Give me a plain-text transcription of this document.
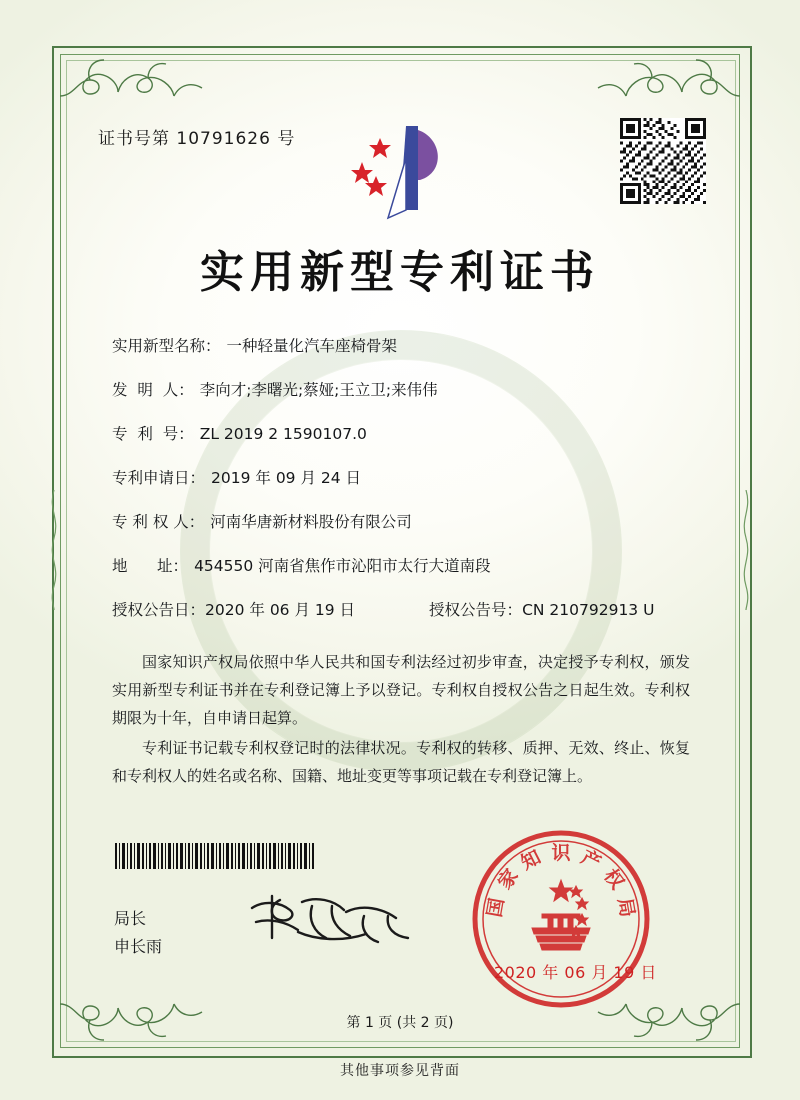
证书号第 10791626 号
实用新型专利证书
实用新型名称： 一种轻量化汽车座椅骨架
发  明  人： 李向才;李曙光;蔡娅;王立卫;来伟伟
专  利  号： ZL 2019 2 1590107.0
专利申请日： 2019 年 09 月 24 日
专 利 权 人： 河南华唐新材料股份有限公司
地      址： 454550 河南省焦作市沁阳市太行大道南段
授权公告日： 2020 年 06 月 19 日	授权公告号： CN 210792913 U

国家知识产权局依照中华人民共和国专利法经过初步审查，决定授予专利权，颁发实用新型专利证书并在专利登记簿上予以登记。专利权自授权公告之日起生效。专利权期限为十年，自申请日起算。

专利证书记载专利权登记时的法律状况。专利权的转移、质押、无效、终止、恢复和专利权人的姓名或名称、国籍、地址变更等事项记载在专利登记簿上。

局长
申长雨
国
家
知 识 产
权
局
2020 年 06 月 19 日
第 1 页 (共 2 页)
其他事项参见背面
